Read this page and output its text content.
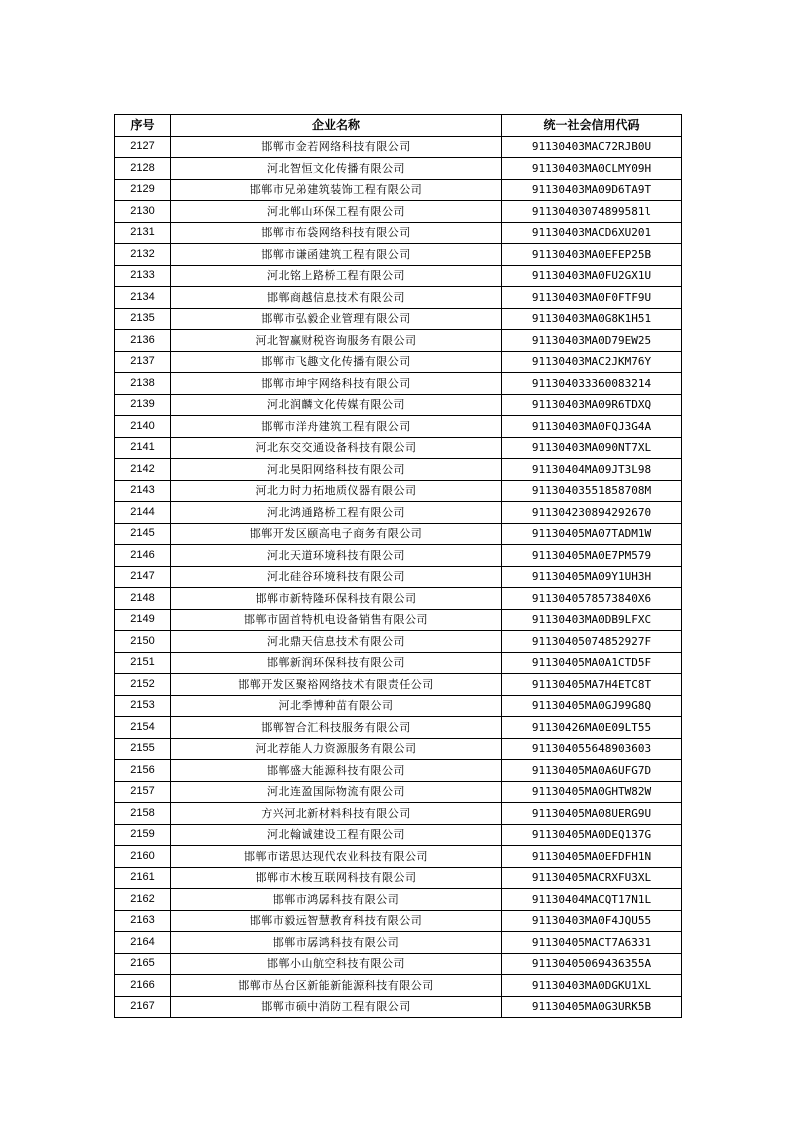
序号	企业名称	统一社会信用代码
2127	邯郸市金若网络科技有限公司	91130403MAC72RJB0U
2128	河北智恒文化传播有限公司	91130403MA0CLMY09H
2129	邯郸市兄弟建筑装饰工程有限公司	91130403MA09D6TA9T
2130	河北郸山环保工程有限公司	91130403074899581l
2131	邯郸市布袋网络科技有限公司	91130403MACD6XU201
2132	邯郸市谦函建筑工程有限公司	91130403MA0EFEP25B
2133	河北铭上路桥工程有限公司	91130403MA0FU2GX1U
2134	邯郸商越信息技术有限公司	91130403MA0F0FTF9U
2135	邯郸市弘毅企业管理有限公司	91130403MA0G8K1H51
2136	河北智赢财税咨询服务有限公司	91130403MA0D79EW25
2137	邯郸市飞趣文化传播有限公司	91130403MAC2JKM76Y
2138	邯郸市坤宇网络科技有限公司	911304033360083214
2139	河北润麟文化传媒有限公司	91130403MA09R6TDXQ
2140	邯郸市洋舟建筑工程有限公司	91130403MA0FQJ3G4A
2141	河北东交交通设备科技有限公司	91130403MA090NT7XL
2142	河北昊阳网络科技有限公司	91130404MA09JT3L98
2143	河北力时力拓地质仪器有限公司	91130403551858708M
2144	河北鸿通路桥工程有限公司	911304230894292670
2145	邯郸开发区颐高电子商务有限公司	91130405MA07TADM1W
2146	河北天道环境科技有限公司	91130405MA0E7PM579
2147	河北硅谷环境科技有限公司	91130405MA09Y1UH3H
2148	邯郸市新特隆环保科技有限公司	91130405785738​40X6
2149	邯郸市固首特机电设备销售有限公司	91130403MA0DB9LFXC
2150	河北鼎天信息技术有限公司	9113040507485​2927F
2151	邯郸新润环保科技有限公司	91130405MA0A1CTD5F
2152	邯郸开发区聚裕网络技术有限责任公司	91130405MA7H4ETC8T
2153	河北季博种苗有限公司	91130405MA0GJ99G8Q
2154	邯郸智合汇科技服务有限公司	91130426MA0E09LT55
2155	河北荐能人力资源服务有限公司	911304055648903603
2156	邯郸盛大能源科技有限公司	91130405MA0A6UFG7D
2157	河北连盈国际物流有限公司	91130405MA0GHTW82W
2158	方兴河北新材料科技有限公司	91130405MA08UERG9U
2159	河北翰诚建设工程有限公司	91130405MA0DEQ137G
2160	邯郸市诺思达现代农业科技有限公司	91130405MA0EFDFH1N
2161	邯郸市木梭互联网科技有限公司	91130405MACRXFU3XL
2162	邯郸市鸿孱科技有限公司	91130404MACQT17N1L
2163	邯郸市毅远智慧教育科技有限公司	91130403MA0F4JQU55
2164	邯郸市孱鸿科技有限公司	91130405MACT7A6331
2165	邯郸小山航空科技有限公司	91130405069436355A
2166	邯郸市丛台区新能新能源科技有限公司	91130403MA0DGKU1XL
2167	邯郸市硕中消防工程有限公司	91130405MA0G3URK5B
